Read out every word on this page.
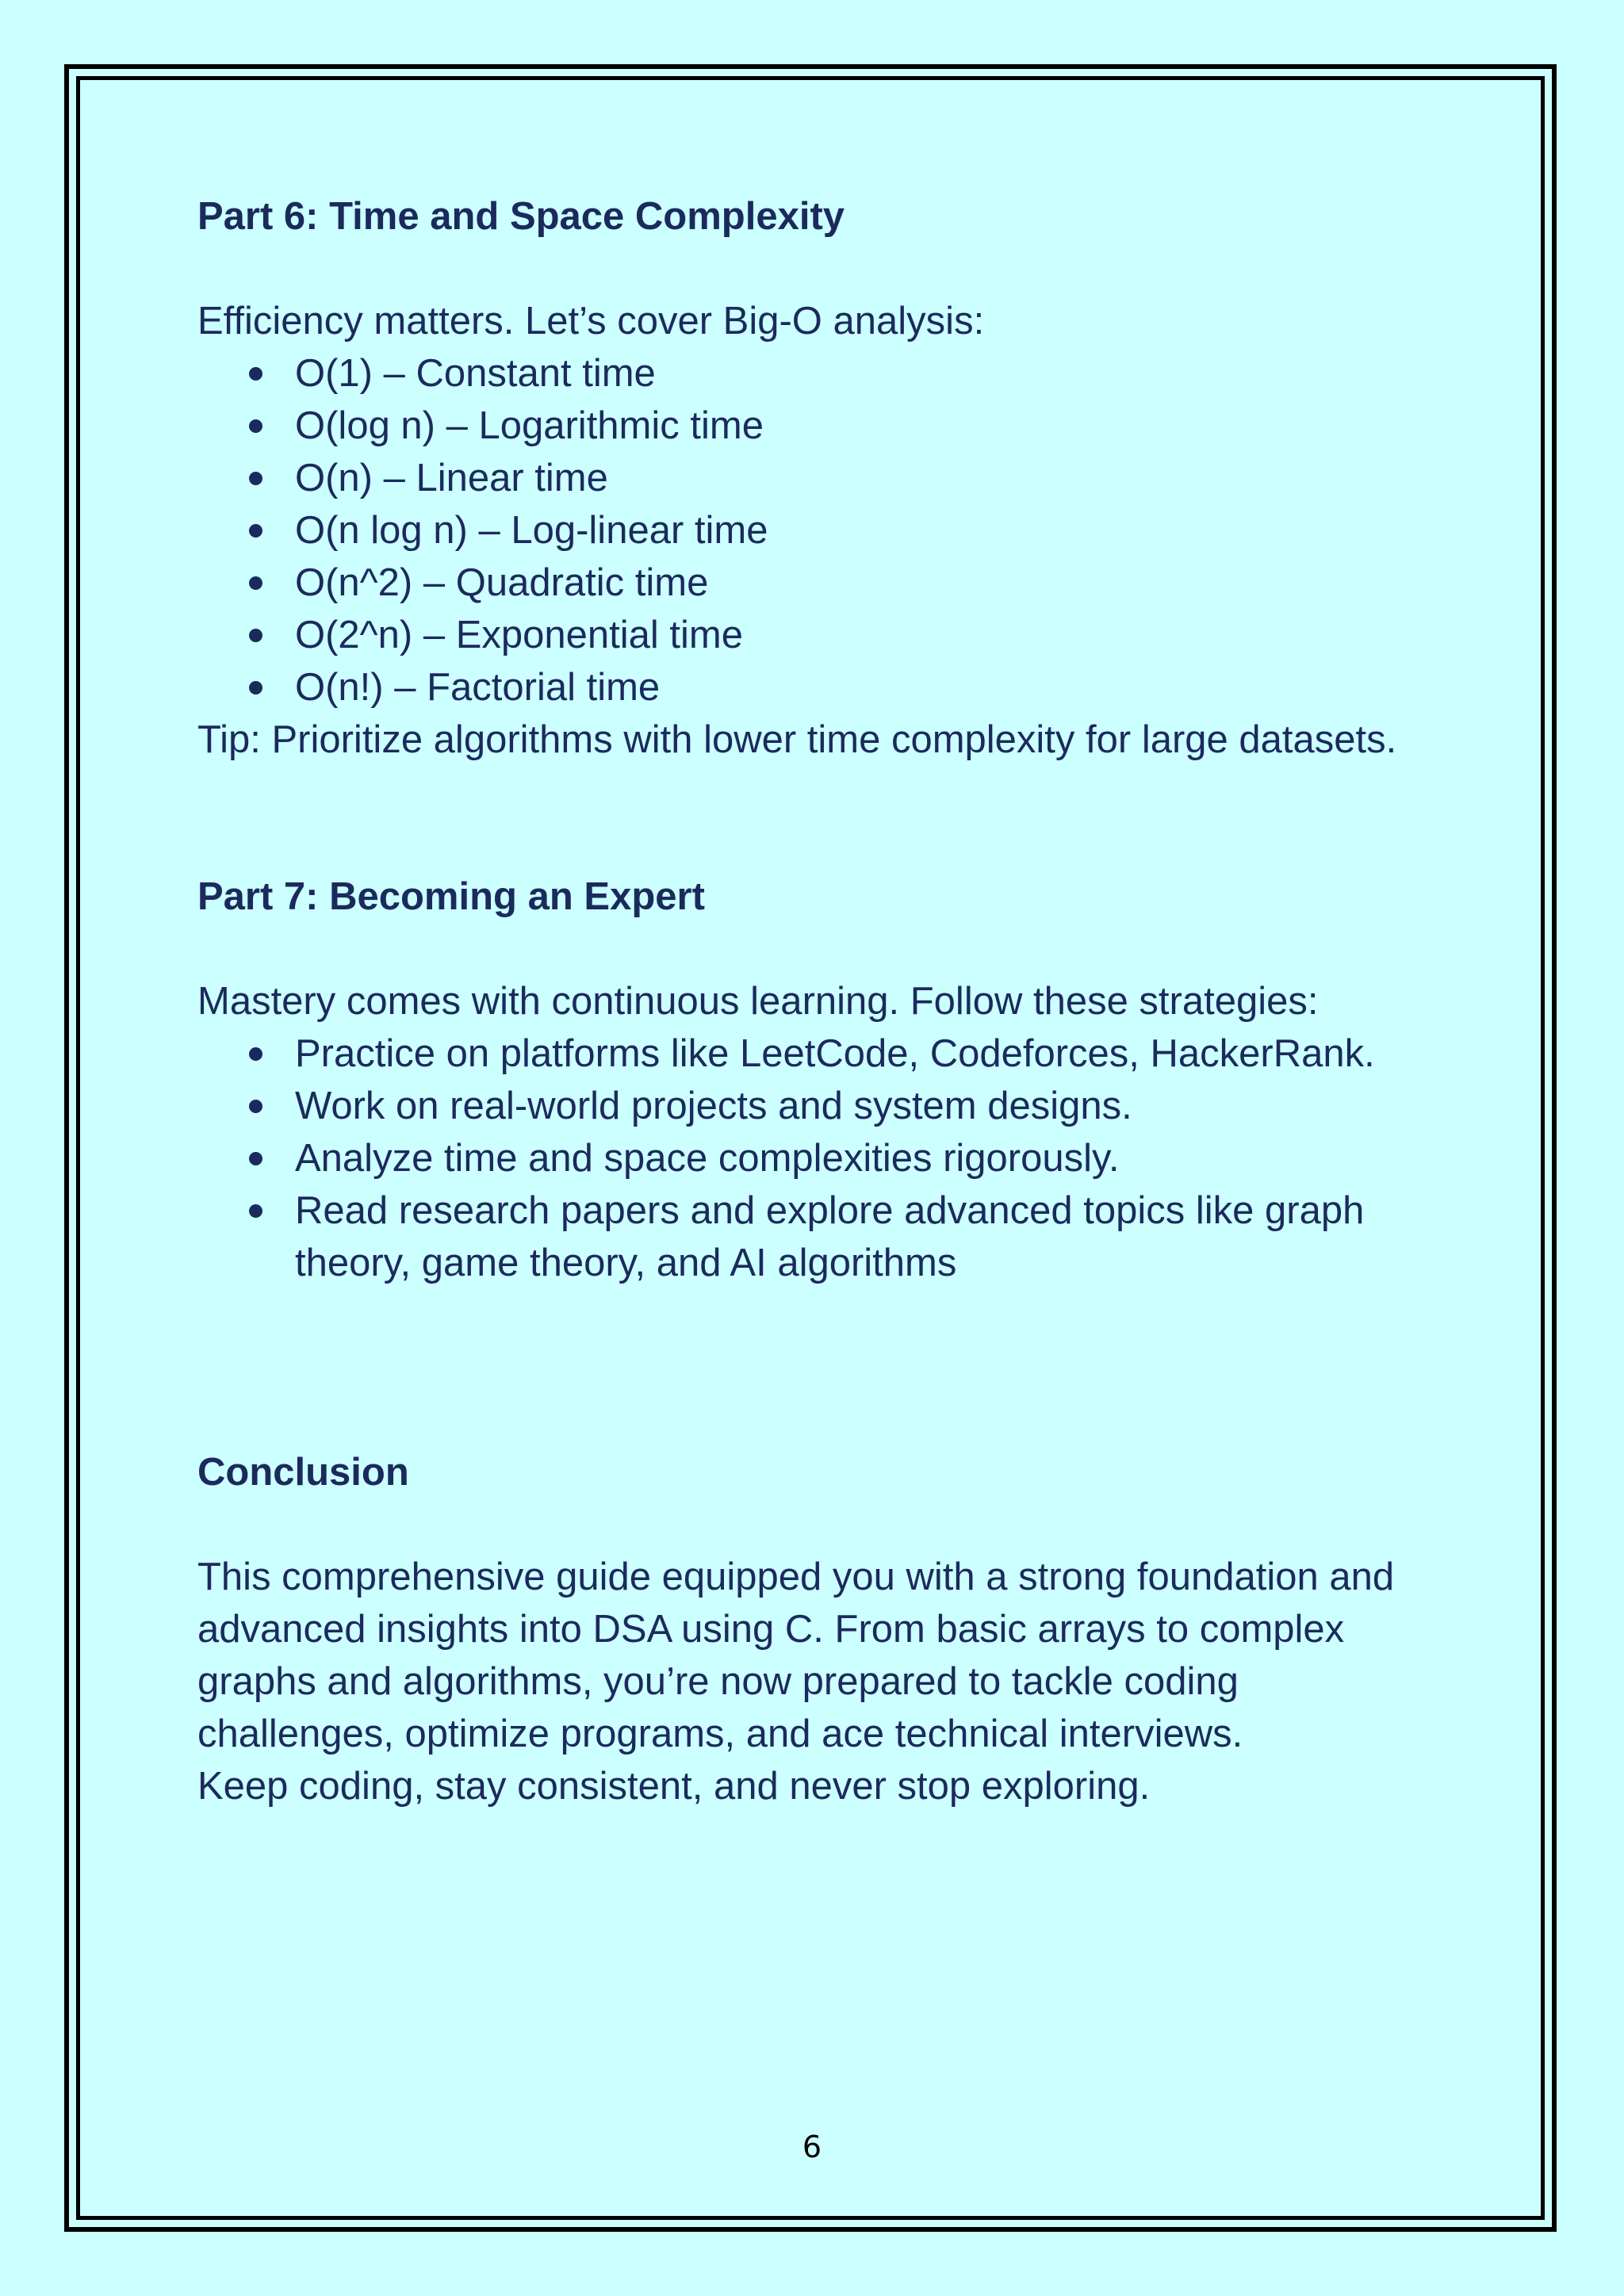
Part 6: Time and Space Complexity

Efficiency matters. Let’s cover Big-O analysis:

O(1) – Constant time
O(log n) – Logarithmic time
O(n) – Linear time
O(n log n) – Log-linear time
O(n^2) – Quadratic time
O(2^n) – Exponential time
O(n!) – Factorial time

Tip: Prioritize algorithms with lower time complexity for large datasets.

Part 7: Becoming an Expert

Mastery comes with continuous learning. Follow these strategies:

Practice on platforms like LeetCode, Codeforces, HackerRank.
Work on real-world projects and system designs.
Analyze time and space complexities rigorously.
Read research papers and explore advanced topics like graph theory, game theory, and AI algorithms
Conclusion

This comprehensive guide equipped you with a strong foundation and advanced insights into DSA using C. From basic arrays to complex graphs and algorithms, you’re now prepared to tackle coding challenges, optimize programs, and ace technical interviews.

Keep coding, stay consistent, and never stop exploring.

6
